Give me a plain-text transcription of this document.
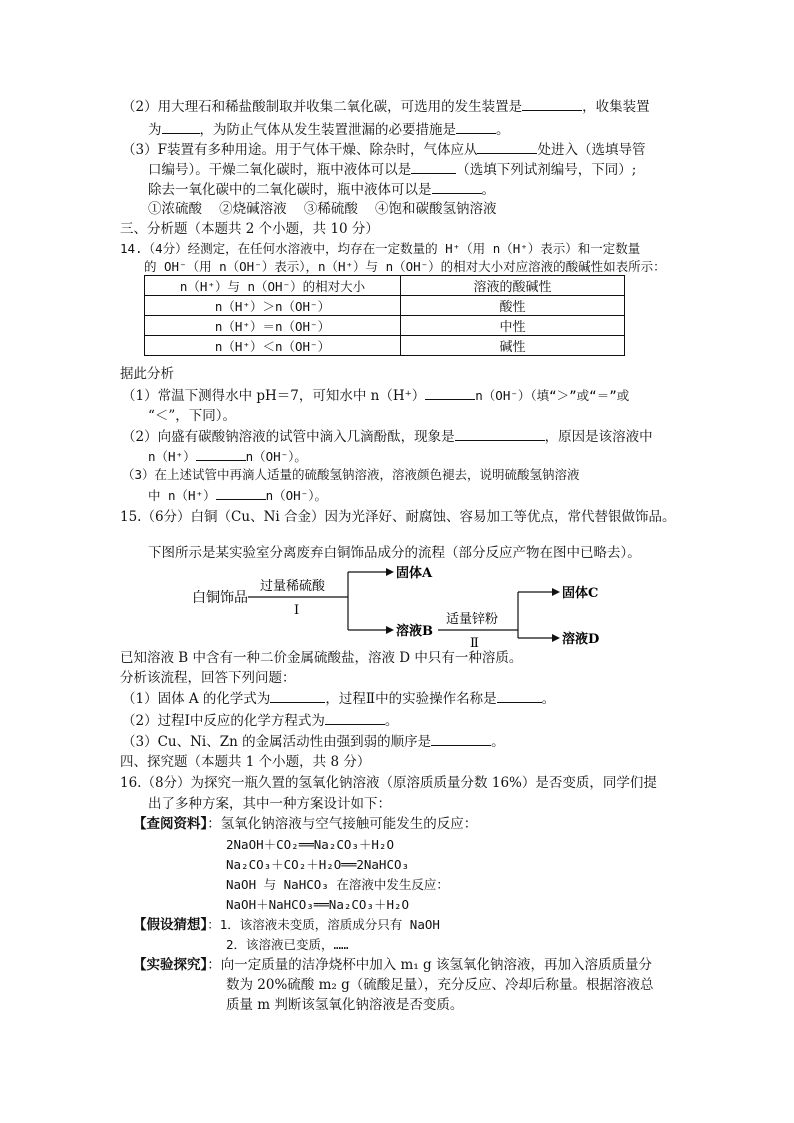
（2）用大理石和稀盐酸制取并收集二氧化碳，可选用的发生装置是	，收集装置
为	，为防止气体从发生装置泄漏的必要措施是	。
（3）F装置有多种用途。用于气体干燥、除杂时，气体应从	处进入（选填导管
口编号）。干燥二氧化碳时，瓶中液体可以是	（选填下列试剂编号，下同）;
除去一氧化碳中的二氧化碳时，瓶中液体可以是	。
①浓硫酸    ②烧碱溶液    ③稀硫酸    ④饱和碳酸氢钠溶液
三、分析题（本题共 2 个小题，共 10 分）
14.（4分）经测定，在任何水溶液中，均存在一定数量的 H⁺（用 n（H⁺）表示）和一定数量
的 OH⁻（用 n（OH⁻）表示），n（H⁺）与 n（OH⁻）的相对大小对应溶液的酸碱性如表所示：
n（H⁺）与 n（OH⁻）的相对大小	溶液的酸碱性
n（H⁺）＞n（OH⁻）	酸性
n（H⁺）＝n（OH⁻）	中性
n（H⁺）＜n（OH⁻）	碱性
据此分析
（1）常温下测得水中 pH＝7，可知水中 n（H⁺）	n（OH⁻）（填“＞”或“＝”或
“＜”，下同）。
（2）向盛有碳酸钠溶液的试管中滴入几滴酚酞，现象是	，原因是该溶液中
n（H⁺）	n（OH⁻）。
（3）在上述试管中再滴人适量的硫酸氢钠溶液，溶液颜色褪去，说明硫酸氢钠溶液
中 n（H⁺）	n（OH⁻）。
15.（6分）白铜（Cu、Ni 合金）因为光泽好、耐腐蚀、容易加工等优点，常代替银做饰品。
下图所示是某实验室分离废弃白铜饰品成分的流程（部分反应产物在图中已略去）。
白铜饰品
过量稀硫酸
Ⅰ
固体A
溶液B
适量锌粉
Ⅱ
固体C
溶液D
已知溶液 B 中含有一种二价金属硫酸盐，溶液 D 中只有一种溶质。
分析该流程，回答下列问题：
（1）固体 A 的化学式为	，过程Ⅱ中的实验操作名称是	。
（2）过程Ⅰ中反应的化学方程式为	。
（3）Cu、Ni、Zn 的金属活动性由强到弱的顺序是	。
四、探究题（本题共 1 个小题，共 8 分）
16.（8分）为探究一瓶久置的氢氧化钠溶液（原溶质质量分数 16%）是否变质，同学们提
出了多种方案，其中一种方案设计如下：
【查阅资料】：氢氧化钠溶液与空气接触可能发生的反应：
2NaOH＋CO₂══Na₂CO₃＋H₂O
Na₂CO₃＋CO₂＋H₂O══2NaHCO₃
NaOH 与 NaHCO₃ 在溶液中发生反应：
NaOH＋NaHCO₃══Na₂CO₃＋H₂O
【假设猜想】：1．该溶液未变质，溶质成分只有 NaOH
2．该溶液已变质，……
【实验探究】：向一定质量的洁净烧杯中加入 m₁ g 该氢氧化钠溶液，再加入溶质质量分
数为 20%硫酸 m₂ g（硫酸足量），充分反应、冷却后称量。根据溶液总
质量 m 判断该氢氧化钠溶液是否变质。
